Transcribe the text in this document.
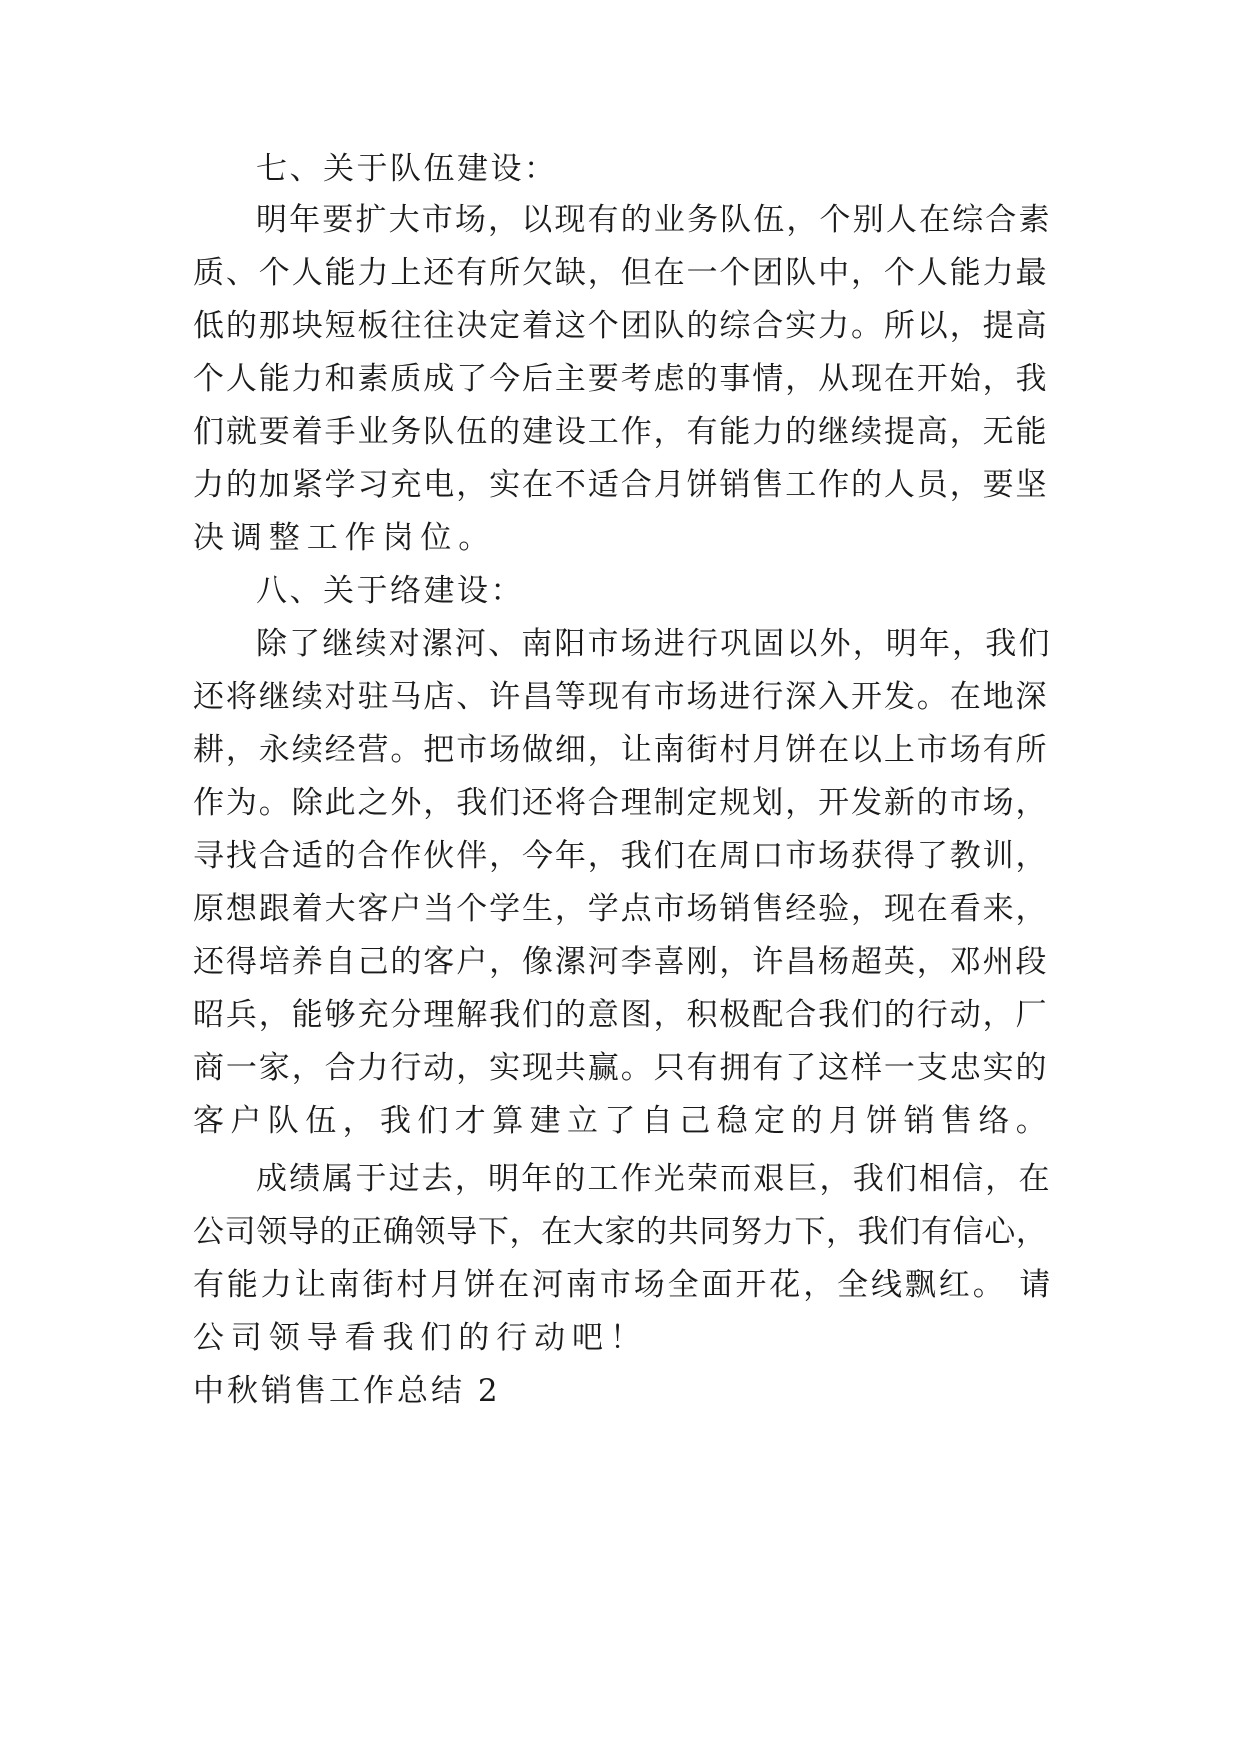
七、关于队伍建设：
明年要扩大市场，以现有的业务队伍，个别人在综合素
质、个人能力上还有所欠缺，但在一个团队中，个人能力最
低的那块短板往往决定着这个团队的综合实力。所以，提高
个人能力和素质成了今后主要考虑的事情，从现在开始，我
们就要着手业务队伍的建设工作，有能力的继续提高，无能
力的加紧学习充电，实在不适合月饼销售工作的人员，要坚
决调整工作岗位。
八、关于络建设：
除了继续对漯河、南阳市场进行巩固以外，明年，我们
还将继续对驻马店、许昌等现有市场进行深入开发。在地深
耕，永续经营。把市场做细，让南街村月饼在以上市场有所
作为。除此之外，我们还将合理制定规划，开发新的市场，
寻找合适的合作伙伴，今年，我们在周口市场获得了教训，
原想跟着大客户当个学生，学点市场销售经验，现在看来，
还得培养自己的客户，像漯河李喜刚，许昌杨超英，邓州段
昭兵，能够充分理解我们的意图，积极配合我们的行动，厂
商一家，合力行动，实现共赢。只有拥有了这样一支忠实的
客户队伍，我们才算建立了自己稳定的月饼销售络。
成绩属于过去，明年的工作光荣而艰巨，我们相信，在
公司领导的正确领导下，在大家的共同努力下，我们有信心，
有能力让南街村月饼在河南市场全面开花，全线飘红。 请
公司领导看我们的行动吧！
中秋销售工作总结 2
